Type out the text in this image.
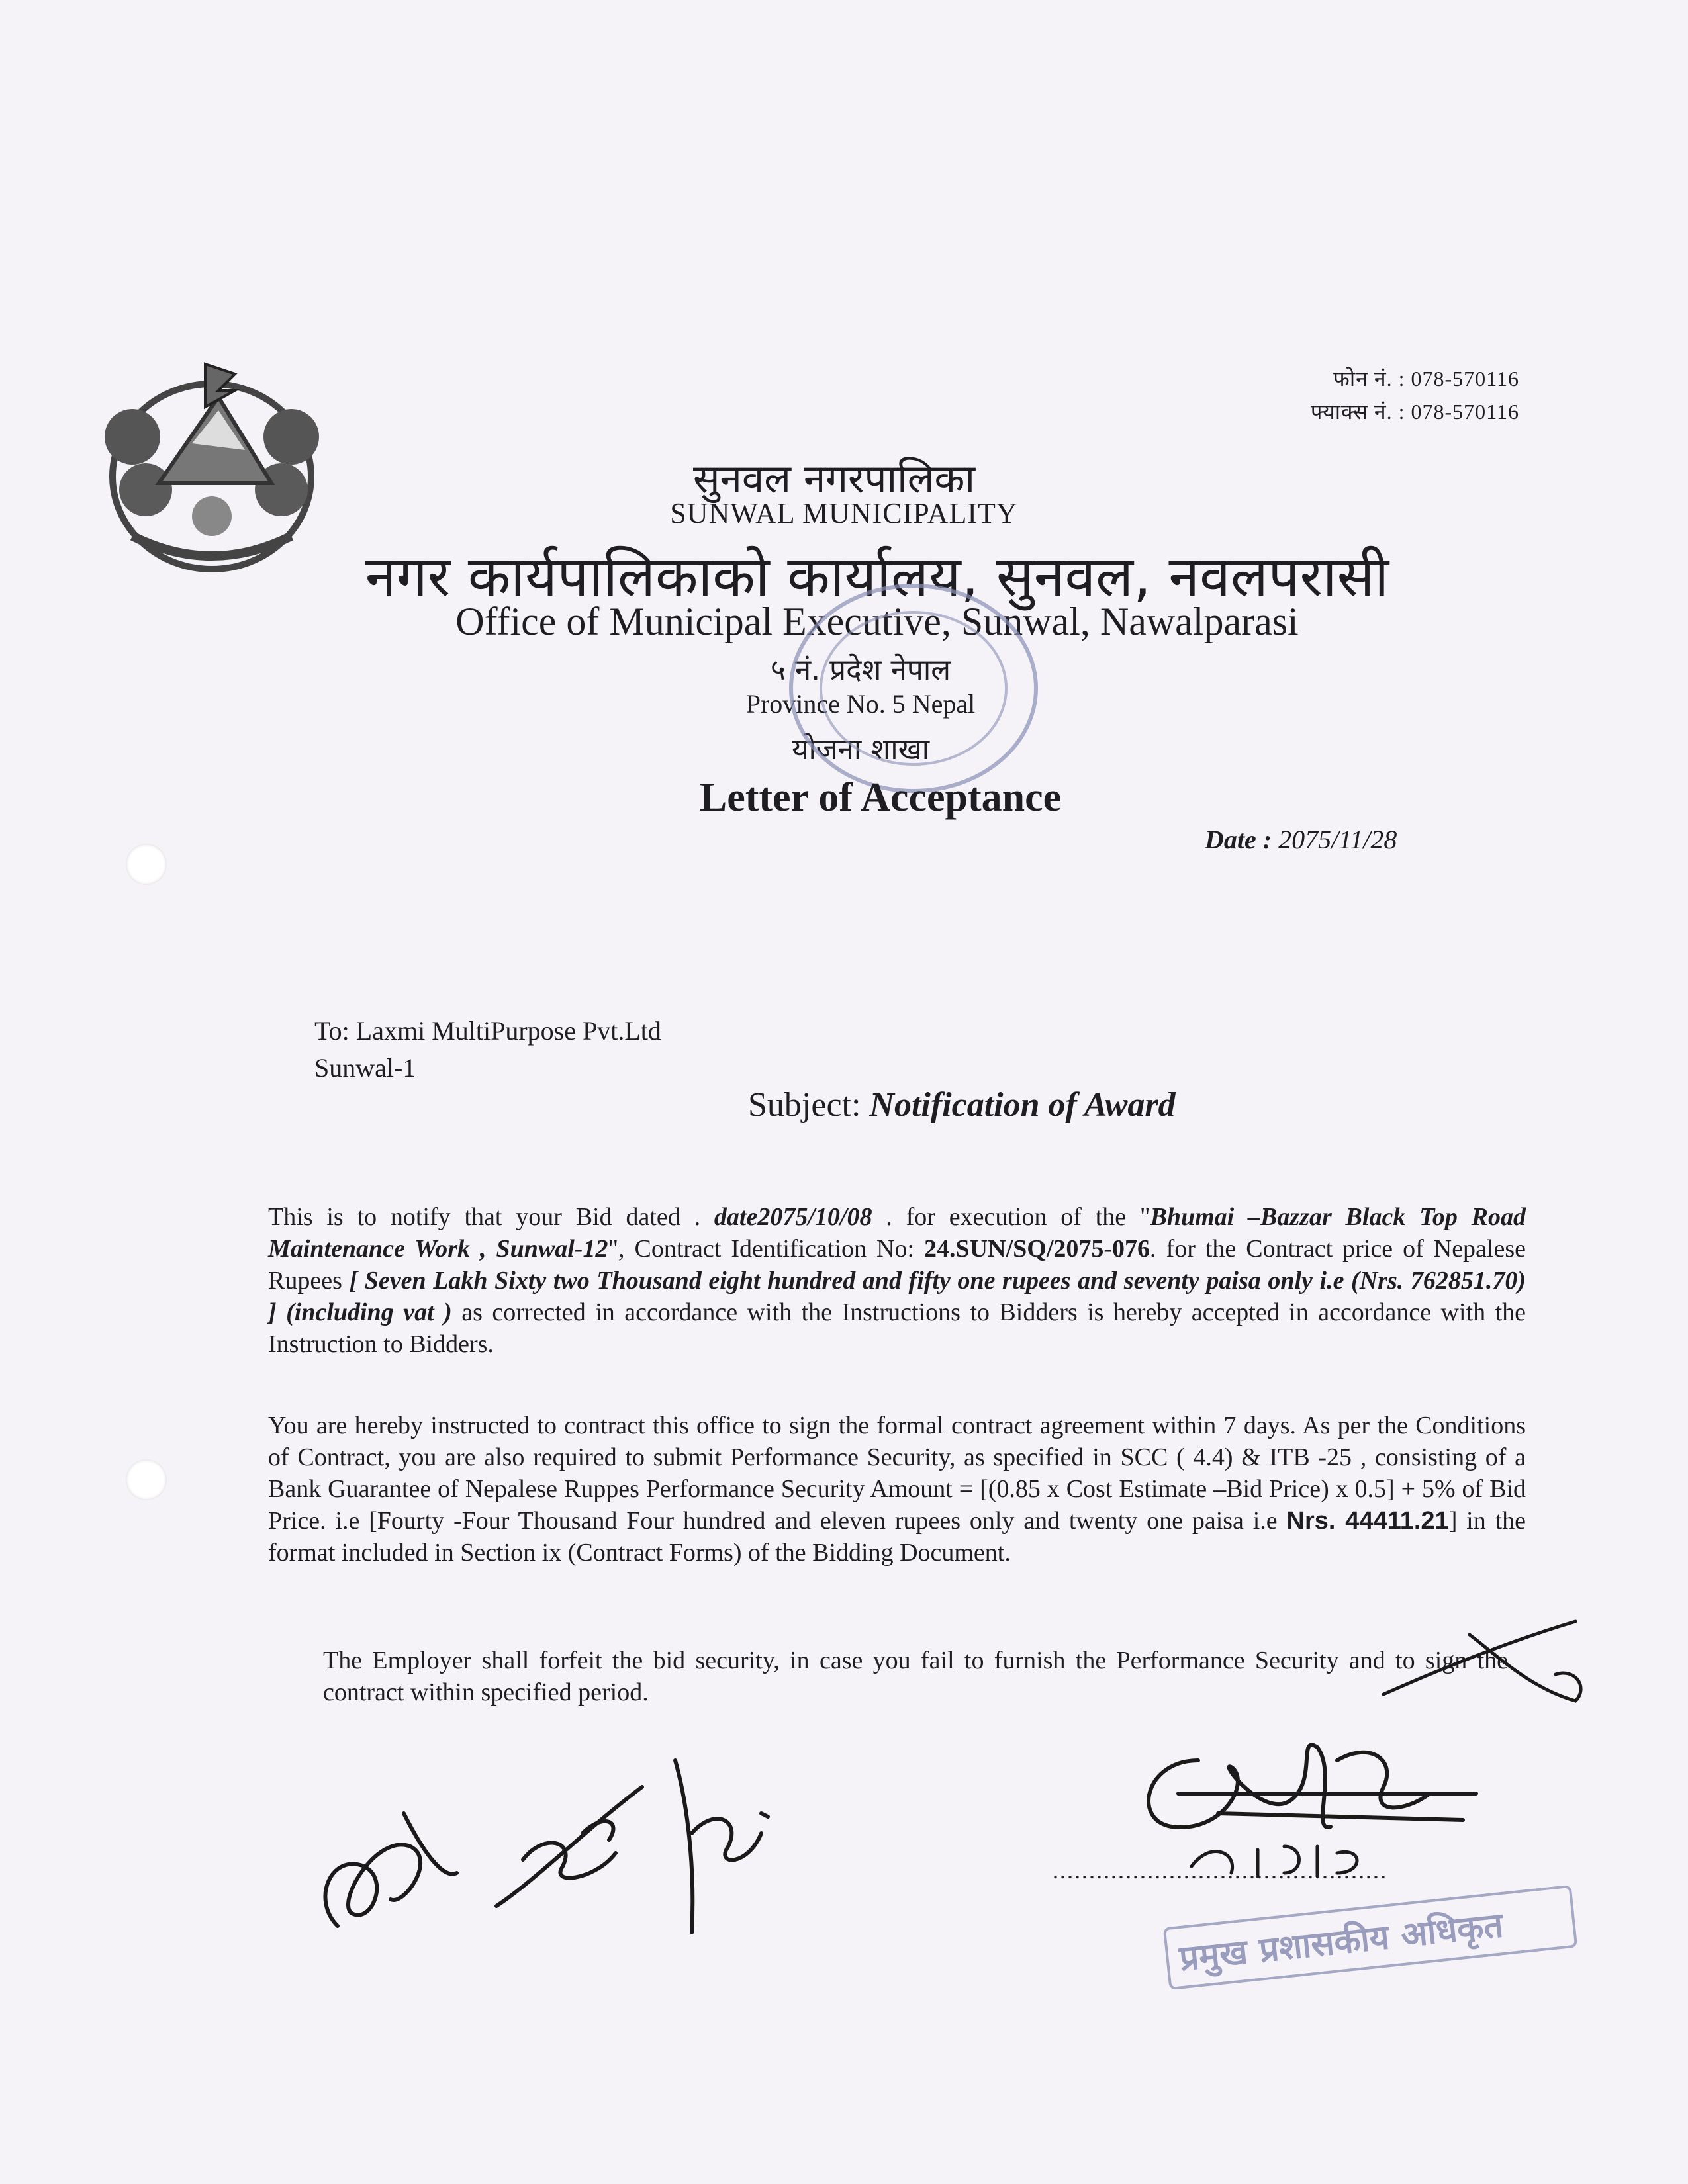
फोन नं. : 078-570116
फ्याक्स नं. : 078-570116
सुनवल नगरपालिका
SUNWAL MUNICIPALITY
नगर कार्यपालिकाको कार्यालय, सुनवल, नवलपरासी
Office of Municipal Executive, Sunwal, Nawalparasi
५ नं. प्रदेश नेपाल
Province No. 5 Nepal
योजना शाखा
Letter of Acceptance
Date : 2075/11/28
To: Laxmi MultiPurpose Pvt.Ltd
Sunwal-1
Subject: Notification of Award
This is to notify that your Bid dated . date2075/10/08 . for execution of the "Bhumai –Bazzar Black Top Road Maintenance Work , Sunwal-12", Contract Identification No: 24.SUN/SQ/2075-076. for the Contract price of Nepalese Rupees [ Seven Lakh Sixty two Thousand eight hundred and fifty one rupees and seventy paisa only i.e (Nrs. 762851.70) ] (including vat ) as corrected in accordance with the Instructions to Bidders is hereby accepted in accordance with the Instruction to Bidders.
You are hereby instructed to contract this office to sign the formal contract agreement within 7 days. As per the Conditions of Contract, you are also required to submit Performance Security, as specified in SCC ( 4.4) & ITB -25 , consisting of a Bank Guarantee of Nepalese Ruppes Performance Security Amount = [(0.85 x Cost Estimate –Bid Price) x 0.5] + 5% of Bid Price. i.e [Fourty -Four Thousand Four hundred and eleven rupees only and twenty one paisa i.e Nrs. 44411.21] in the format included in Section ix (Contract Forms) of the Bidding Document.
The Employer shall forfeit the bid security, in case you fail to furnish the Performance Security and to sign the contract within specified period.
..............................................
प्रमुख प्रशासकीय अधिकृत
